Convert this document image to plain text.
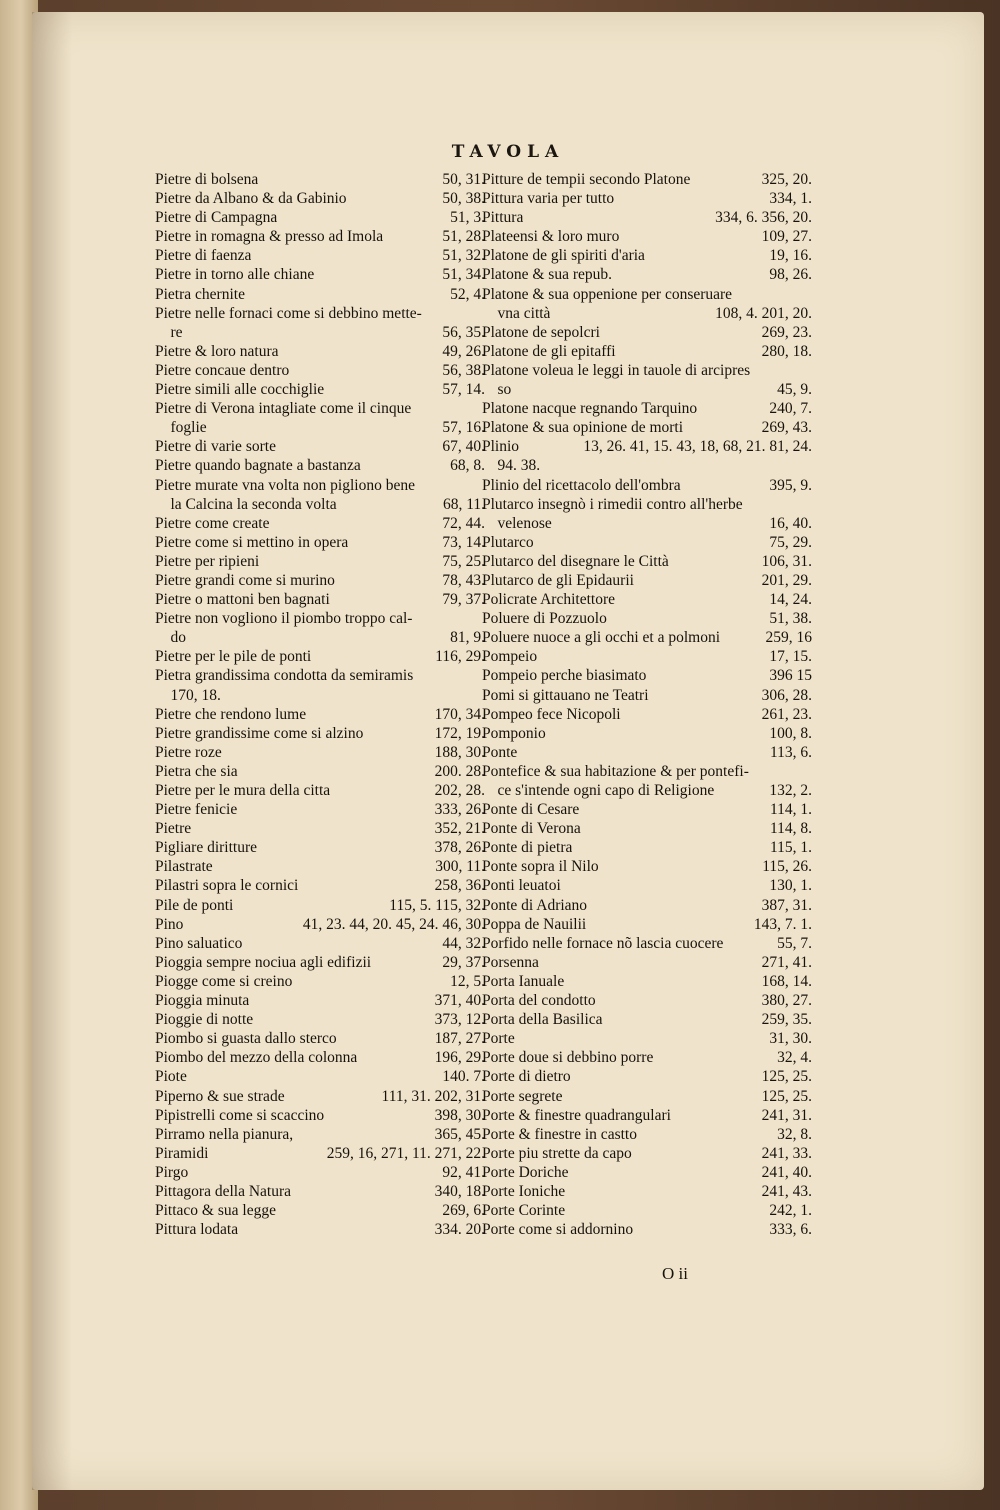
TAVOLA
Pietre di bolsena	50, 31.
Pietre da Albano & da Gabinio	50, 38.
Pietre di Campagna	51, 3.
Pietre in romagna & presso ad Imola	51, 28.
Pietre di faenza	51, 32.
Pietre in torno alle chiane	51, 34.
Pietra chernite	52, 4.
Pietre nelle fornaci come si debbino mette-
re	56, 35.
Pietre & loro natura	49, 26.
Pietre concaue dentro	56, 38.
Pietre simili alle cocchiglie	57, 14.
Pietre di Verona intagliate come il cinque
foglie	57, 16.
Pietre di varie sorte	67, 40.
Pietre quando bagnate a bastanza	68, 8.
Pietre murate vna volta non pigliono bene
la Calcina la seconda volta	68, 11.
Pietre come create	72, 44.
Pietre come si mettino in opera	73, 14.
Pietre per ripieni	75, 25.
Pietre grandi come si murino	78, 43.
Pietre o mattoni ben bagnati	79, 37.
Pietre non vogliono il piombo troppo cal-
do	81, 9.
Pietre per le pile de ponti	116, 29.
Pietra grandissima condotta da semiramis
170, 18.
Pietre che rendono lume	170, 34.
Pietre grandissime come si alzino	172, 19.
Pietre roze	188, 30.
Pietra che sia	200. 28.
Pietre per le mura della citta	202, 28.
Pietre fenicie	333, 26.
Pietre	352, 21.
Pigliare diritture	378, 26.
Pilastrate	300, 11.
Pilastri sopra le cornici	258, 36.
Pile de ponti	115, 5. 115, 32.
Pino	41, 23. 44, 20. 45, 24. 46, 30.
Pino saluatico	44, 32.
Pioggia sempre nociua agli edifizii	29, 37.
Piogge come si creino	12, 5.
Pioggia minuta	371, 40.
Pioggie di notte	373, 12.
Piombo si guasta dallo sterco	187, 27.
Piombo del mezzo della colonna	196, 29.
Piote	140. 7.
Piperno & sue strade	111, 31. 202, 31.
Pipistrelli come si scaccino	398, 30.
Pirramo nella pianura,	365, 45.
Piramidi	259, 16, 271, 11. 271, 22.
Pirgo	92, 41.
Pittagora della Natura	340, 18.
Pittaco & sua legge	269, 6.
Pittura lodata	334. 20.
Pitture de tempii secondo Platone	325, 20.
Pittura varia per tutto	334, 1.
Pittura	334, 6. 356, 20.
Plateensi & loro muro	109, 27.
Platone de gli spiriti d'aria	19, 16.
Platone & sua repub.	98, 26.
Platone & sua oppenione per conseruare
vna città	108, 4. 201, 20.
Platone de sepolcri	269, 23.
Platone de gli epitaffi	280, 18.
Platone voleua le leggi in tauole di arcipres
so	45, 9.
Platone nacque regnando Tarquino	240, 7.
Platone & sua opinione de morti	269, 43.
Plinio	13, 26. 41, 15. 43, 18, 68, 21. 81, 24.
94. 38.
Plinio del ricettacolo dell'ombra	395, 9.
Plutarco insegnò i rimedii contro all'herbe
velenose	16, 40.
Plutarco	75, 29.
Plutarco del disegnare le Città	106, 31.
Plutarco de gli Epidaurii	201, 29.
Policrate Architettore	14, 24.
Poluere di Pozzuolo	51, 38.
Poluere nuoce a gli occhi et a polmoni	259, 16
Pompeio	17, 15.
Pompeio perche biasimato	396 15
Pomi si gittauano ne Teatri	306, 28.
Pompeo fece Nicopoli	261, 23.
Pomponio	100, 8.
Ponte	113, 6.
Pontefice & sua habitazione & per pontefi-
ce s'intende ogni capo di Religione	132, 2.
Ponte di Cesare	114, 1.
Ponte di Verona	114, 8.
Ponte di pietra	115, 1.
Ponte sopra il Nilo	115, 26.
Ponti leuatoi	130, 1.
Ponte di Adriano	387, 31.
Poppa de Nauilii	143, 7. 1.
Porfido nelle fornace nõ lascia cuocere	55, 7.
Porsenna	271, 41.
Porta Ianuale	168, 14.
Porta del condotto	380, 27.
Porta della Basilica	259, 35.
Porte	31, 30.
Porte doue si debbino porre	32, 4.
Porte di dietro	125, 25.
Porte segrete	125, 25.
Porte & finestre quadrangulari	241, 31.
Porte & finestre in castto	32, 8.
Porte piu strette da capo	241, 33.
Porte Doriche	241, 40.
Porte Ioniche	241, 43.
Porte Corinte	242, 1.
Porte come si addornino	333, 6.
O ii
